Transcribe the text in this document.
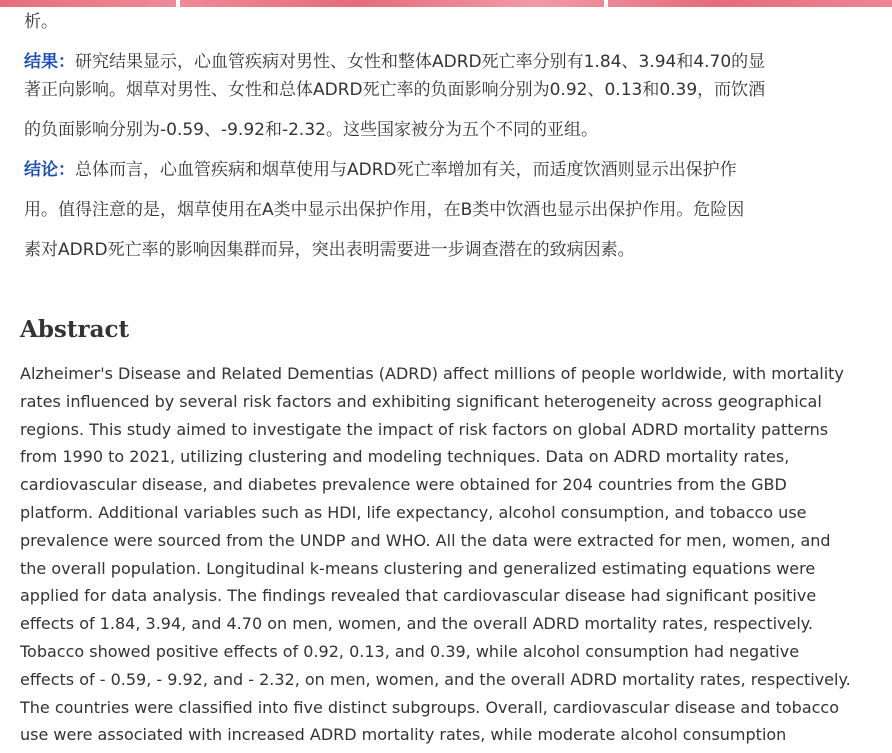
析。

结果：研究结果显示，心血管疾病对男性、女性和整体ADRD死亡率分别有1.84、3.94和4.70的显

著正向影响。烟草对男性、女性和总体ADRD死亡率的负面影响分别为0.92、0.13和0.39，而饮酒

的负面影响分别为-0.59、-9.92和-2.32。这些国家被分为五个不同的亚组。

结论：总体而言，心血管疾病和烟草使用与ADRD死亡率增加有关，而适度饮酒则显示出保护作

用。值得注意的是，烟草使用在A类中显示出保护作用，在B类中饮酒也显示出保护作用。危险因

素对ADRD死亡率的影响因集群而异，突出表明需要进一步调查潜在的致病因素。

Abstract

Alzheimer's Disease and Related Dementias (ADRD) affect millions of people worldwide, with mortality
rates influenced by several risk factors and exhibiting significant heterogeneity across geographical
regions. This study aimed to investigate the impact of risk factors on global ADRD mortality patterns
from 1990 to 2021, utilizing clustering and modeling techniques. Data on ADRD mortality rates,
cardiovascular disease, and diabetes prevalence were obtained for 204 countries from the GBD
platform. Additional variables such as HDI, life expectancy, alcohol consumption, and tobacco use
prevalence were sourced from the UNDP and WHO. All the data were extracted for men, women, and
the overall population. Longitudinal k-means clustering and generalized estimating equations were
applied for data analysis. The findings revealed that cardiovascular disease had significant positive
effects of 1.84, 3.94, and 4.70 on men, women, and the overall ADRD mortality rates, respectively.
Tobacco showed positive effects of 0.92, 0.13, and 0.39, while alcohol consumption had negative
effects of - 0.59, - 9.92, and - 2.32, on men, women, and the overall ADRD mortality rates, respectively.
The countries were classified into five distinct subgroups. Overall, cardiovascular disease and tobacco
use were associated with increased ADRD mortality rates, while moderate alcohol consumption
